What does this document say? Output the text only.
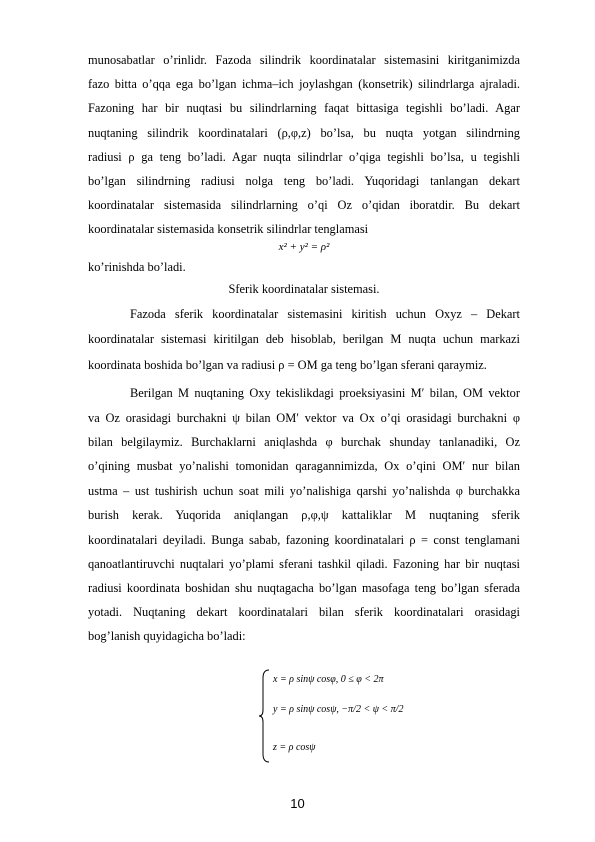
munosabatlar o’rinlidr. Fazoda silindrik koordinatalar sistemasini kiritganimizda
fazo bitta o’qqa ega bo’lgan ichma–ich joylashgan (konsetrik) silindrlarga ajraladi.
Fazoning har bir nuqtasi bu silindrlarning faqat bittasiga tegishli bo’ladi. Agar
nuqtaning silindrik koordinatalari (ρ,φ,z) bo’lsa, bu nuqta yotgan silindrning
radiusi ρ ga teng bo’ladi. Agar nuqta silindrlar o’qiga tegishli bo’lsa, u tegishli
bo’lgan silindrning radiusi nolga teng bo’ladi. Yuqoridagi tanlangan dekart
koordinatalar sistemasida silindrlarning o’qi Oz o’qidan iboratdir. Bu dekart
koordinatalar sistemasida konsetrik silindrlar tenglamasi
x² + y² = ρ²
ko’rinishda bo’ladi.
Sferik koordinatalar sistemasi.
Fazoda sferik koordinatalar sistemasini kiritish uchun Oxyz – Dekart
koordinatalar sistemasi kiritilgan deb hisoblab, berilgan M nuqta uchun markazi
koordinata boshida bo’lgan va radiusi ρ = OM ga teng bo’lgan sferani qaraymiz.
Berilgan M nuqtaning Oxy tekislikdagi proeksiyasini M′ bilan, OM vektor
va Oz orasidagi burchakni ψ bilan OM′ vektor va Ox o’qi orasidagi burchakni φ
bilan belgilaymiz. Burchaklarni aniqlashda φ burchak shunday tanlanadiki, Oz
o’qining musbat yo’nalishi tomonidan qaragannimizda, Ox o’qini OM′ nur bilan
ustma – ust tushirish uchun soat mili yo’nalishiga qarshi yo’nalishda φ burchakka
burish kerak. Yuqorida aniqlangan ρ,φ,ψ kattaliklar M nuqtaning sferik
koordinatalari deyiladi. Bunga sabab, fazoning koordinatalari ρ = const tenglamani
qanoatlantiruvchi nuqtalari yo’plami sferani tashkil qiladi. Fazoning har bir nuqtasi
radiusi koordinata boshidan shu nuqtagacha bo’lgan masofaga teng bo’lgan sferada
yotadi. Nuqtaning dekart koordinatalari bilan sferik koordinatalari orasidagi
bog’lanish quyidagicha bo’ladi:
x = ρ sinψ cosφ, 0 ≤ φ < 2π
y = ρ sinψ cosψ, −π/2 < ψ < π/2
z = ρ cosψ
10
